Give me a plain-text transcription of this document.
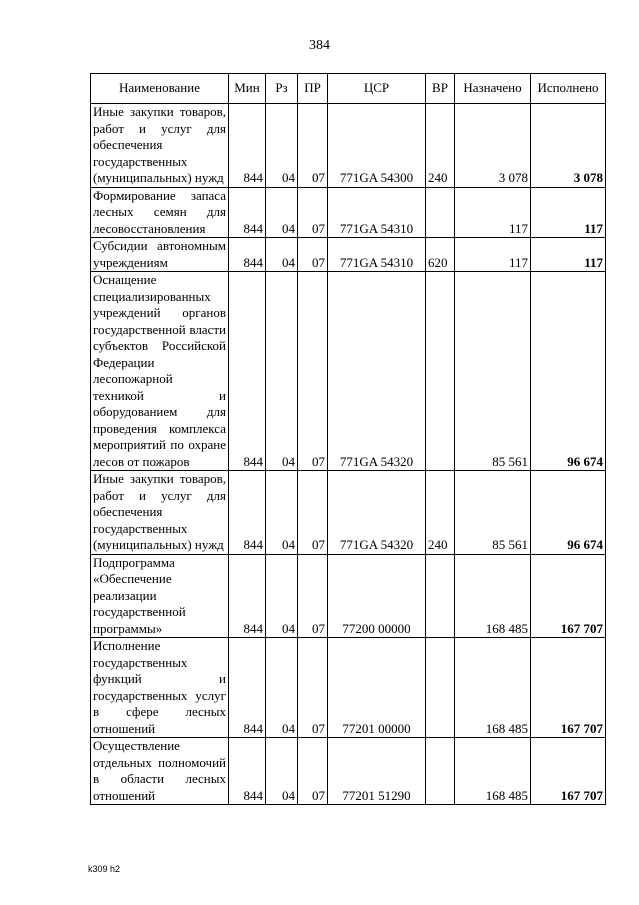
384
Наименование	Мин	Рз	ПР	ЦСР	ВР	Назначено	Исполнено
Иные закупки товаров, работ и услуг для обеспечения государственных (муниципальных) нужд	844	04	07	771GA 54300	240	3 078	3 078
Формирование запаса лесных семян для лесовосстановления	844	04	07	771GA 54310		117	117
Субсидии автономным учреждениям	844	04	07	771GA 54310	620	117	117
Оснащение специализированных учреждений органов государственной власти субъектов Российской Федерации лесопожарной техникой и оборудованием для проведения комплекса мероприятий по охране лесов от пожаров	844	04	07	771GA 54320		85 561	96 674
Иные закупки товаров, работ и услуг для обеспечения государственных (муниципальных) нужд	844	04	07	771GA 54320	240	85 561	96 674
Подпрограмма «Обеспечение реализации государственной программы»	844	04	07	77200 00000		168 485	167 707
Исполнение государственных функций и государственных услуг в сфере лесных отношений	844	04	07	77201 00000		168 485	167 707
Осуществление отдельных полномочий в области лесных отношений	844	04	07	77201 51290		168 485	167 707
k309 h2
